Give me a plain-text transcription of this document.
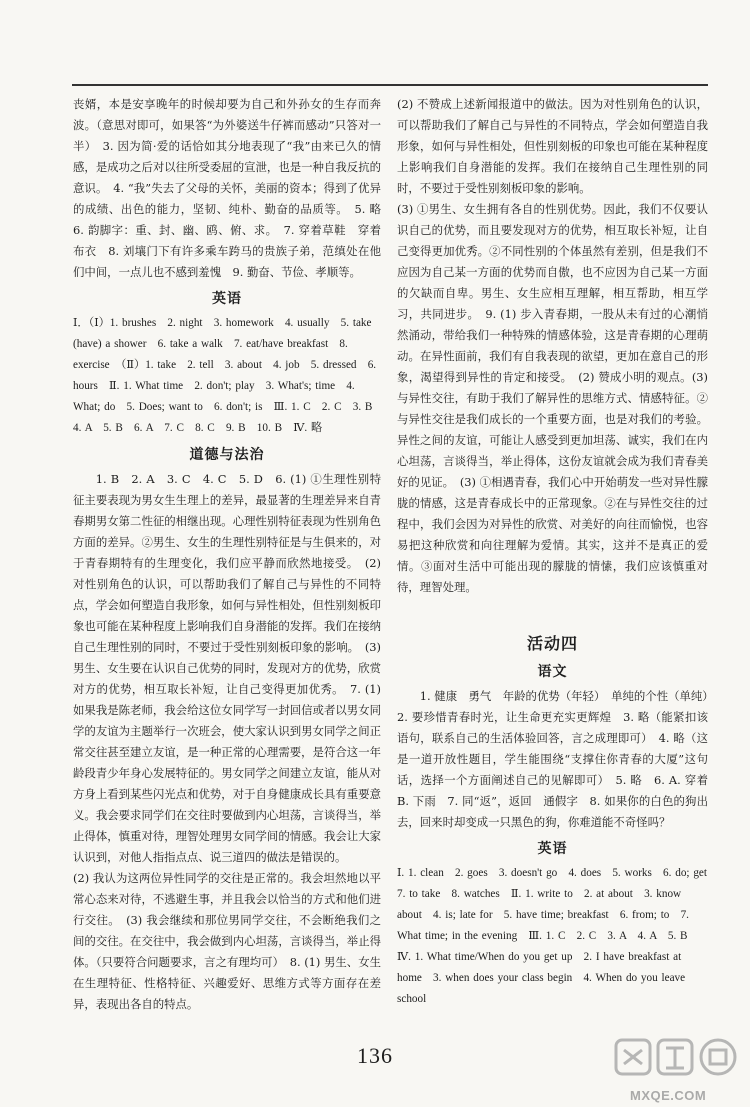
丧婿，本是安享晚年的时候却要为自己和外孙女的生存而奔波。（意思对即可，如果答“为外婆送牛仔裤而感动”只答对一半）　3. 因为简·爱的话恰如其分地表现了“我”由来已久的情感，是成功之后对以往所受委屈的宣泄，也是一种自我反抗的意识。　4. “我”失去了父母的关怀，美丽的资本；得到了优异的成绩、出色的能力，坚韧、纯朴、勤奋的品质等。　5. 略　6. 韵脚字：重、封、幽、鸥、俯、求。　7. 穿着草鞋　穿着布衣　8. 刘壤门下有许多乘车跨马的贵族子弟，范缜处在他们中间，一点儿也不感到羞愧　9. 勤奋、节俭、孝顺等。

英语

Ⅰ．（Ⅰ）1. brushes　2. night　3. homework　4. usually　5. take (have) a shower　6. take a walk　7. eat/have breakfast　8. exercise　（Ⅱ）1. take　2. tell　3. about　4. job　5. dressed　6. hours　Ⅱ. 1. What time　2. don't; play　3. What's; time　4. What; do　5. Does; want to　6. don't; is　Ⅲ. 1. C　2. C　3. B　4. A　5. B　6. A　7. C　8. C　9. B　10. B　Ⅳ. 略

道德与法治

1. B　2. A　3. C　4. C　5. D　6. (1) ①生理性别特征主要表现为男女生生理上的差异，最显著的生理差异来自青春期男女第二性征的相继出现。心理性别特征表现为性别角色方面的差异。②男生、女生的生理性别特征是与生俱来的，对于青春期特有的生理变化，我们应平静而欣然地接受。　(2) 对性别角色的认识，可以帮助我们了解自己与异性的不同特点，学会如何塑造自我形象，如何与异性相处，但性别刻板印象也可能在某种程度上影响我们自身潜能的发挥。我们在接纳自己生理性别的同时，不要过于受性别刻板印象的影响。　(3) 男生、女生要在认识自己优势的同时，发现对方的优势，欣赏对方的优势，相互取长补短，让自己变得更加优秀。　7. (1) 如果我是陈老师，我会给这位女同学写一封回信或者以男女同学的友谊为主题举行一次班会，使大家认识到男女同学之间正常交往甚至建立友谊，是一种正常的心理需要，是符合这一年龄段青少年身心发展特征的。男女同学之间建立友谊，能从对方身上看到某些闪光点和优势，对于自身健康成长具有重要意义。我会要求同学们在交往时要做到内心坦荡，言谈得当，举止得体，慎重对待，理智处理男女同学间的情感。我会让大家认识到，对他人指指点点、说三道四的做法是错误的。

(2) 我认为这两位异性同学的交往是正常的。我会坦然地以平常心态来对待，不逃避生事，并且我会以恰当的方式和他们进行交往。　(3) 我会继续和那位男同学交往，不会断绝我们之间的交往。在交往中，我会做到内心坦荡，言谈得当，举止得体。（只要符合问题要求，言之有理均可）　8. (1) 男生、女生在生理特征、性格特征、兴趣爱好、思维方式等方面存在差异，表现出各自的特点。

(2) 不赞成上述新闻报道中的做法。因为对性别角色的认识，可以帮助我们了解自己与异性的不同特点，学会如何塑造自我形象，如何与异性相处，但性别刻板的印象也可能在某种程度上影响我们自身潜能的发挥。我们在接纳自己生理性别的同时，不要过于受性别刻板印象的影响。

(3) ①男生、女生拥有各自的性别优势。因此，我们不仅要认识自己的优势，而且要发现对方的优势，相互取长补短，让自己变得更加优秀。②不同性别的个体虽然有差别，但是我们不应因为自己某一方面的优势而自傲，也不应因为自己某一方面的欠缺而自卑。男生、女生应相互理解，相互帮助，相互学习，共同进步。　9. (1) 步入青春期，一股从未有过的心潮悄然涌动，带给我们一种特殊的情感体验，这是青春期的心理萌动。在异性面前，我们有自我表现的欲望，更加在意自己的形象，渴望得到异性的肯定和接受。　(2) 赞成小明的观点。(3) 与异性交往，有助于我们了解异性的思维方式、情感特征。②与异性交往是我们成长的一个重要方面，也是对我们的考验。异性之间的友谊，可能让人感受到更加坦荡、诚实，我们在内心坦荡，言谈得当，举止得体，这份友谊就会成为我们青春美好的见证。　(3) ①相遇青春，我们心中开始萌发一些对异性朦胧的情感，这是青春成长中的正常现象。②在与异性交往的过程中，我们会因为对异性的欣赏、对美好的向往而愉悦，也容易把这种欣赏和向往理解为爱情。其实，这并不是真正的爱情。③面对生活中可能出现的朦胧的情愫，我们应该慎重对待，理智处理。

活动四
语文

1. 健康　勇气　年龄的优势（年轻）　单纯的个性（单纯）　2. 要珍惜青春时光，让生命更充实更辉煌　3. 略（能紧扣该语句，联系自己的生活体验回答，言之成理即可）　4. 略（这是一道开放性题目，学生能围绕“支撑住你青春的大厦”这句话，选择一个方面阐述自己的见解即可）　5. 略　6. A. 穿着　B. 下雨　7. 同“返”，返回　通假字　8. 如果你的白色的狗出去，回来时却变成一只黑色的狗，你难道能不奇怪吗？

英语

Ⅰ. 1. clean　2. goes　3. doesn't go　4. does　5. works　6. do; get　7. to take　8. watches　Ⅱ. 1. write to　2. at about　3. know about　4. is; late for　5. have time; breakfast　6. from; to　7. What time; in the evening　Ⅲ. 1. C　2. C　3. A　4. A　5. B　Ⅳ. 1. What time/When do you get up　2. I have breakfast at home　3. when does your class begin　4. When do you leave school

136
MXQE.COM
